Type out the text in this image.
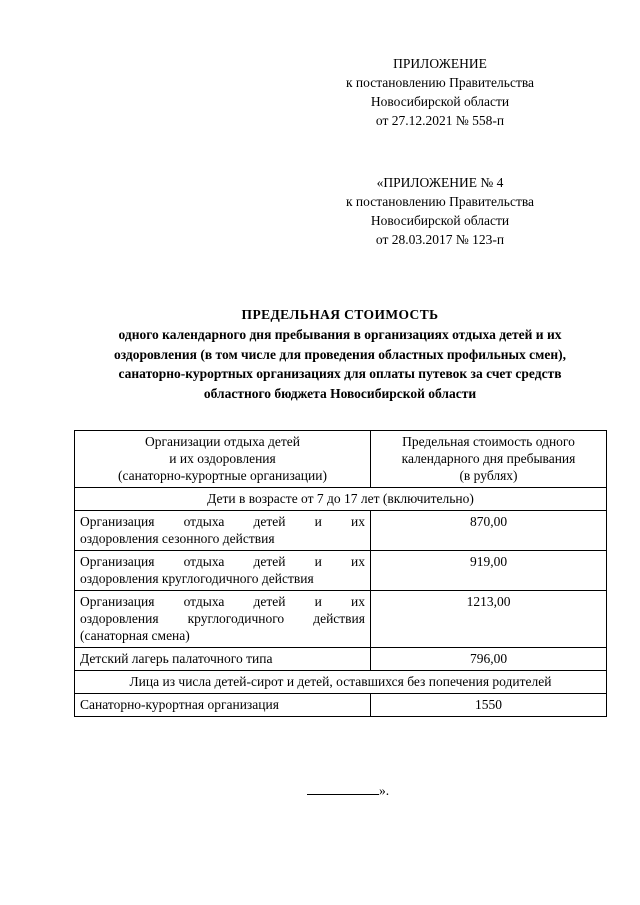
ПРИЛОЖЕНИЕ
к постановлению Правительства
Новосибирской области
от 27.12.2021 № 558-п
«ПРИЛОЖЕНИЕ № 4
к постановлению Правительства
Новосибирской области
от 28.03.2017 № 123-п
ПРЕДЕЛЬНАЯ СТОИМОСТЬ
одного календарного дня пребывания в организациях отдыха детей и их
оздоровления (в том числе для проведения областных профильных смен),
санаторно-курортных организациях для оплаты путевок за счет средств
областного бюджета Новосибирской области
Организации отдыха детей
и их оздоровления
(санаторно-курортные организации)	Предельная стоимость одного
календарного дня пребывания
(в рублях)

Дети в возрасте от 7 до 17 лет (включительно)	

Организация отдыха детей и их
оздоровления сезонного действия	870,00

Организация отдыха детей и их
оздоровления круглогодичного действия	919,00

Организация отдыха детей и их
оздоровления круглогодичного действия
(санаторная смена)	1213,00

Детский лагерь палаточного типа	796,00
Лица из числа детей-сирот и детей, оставшихся без попечения родителей	

Санаторно-курортная организация	1550
».
